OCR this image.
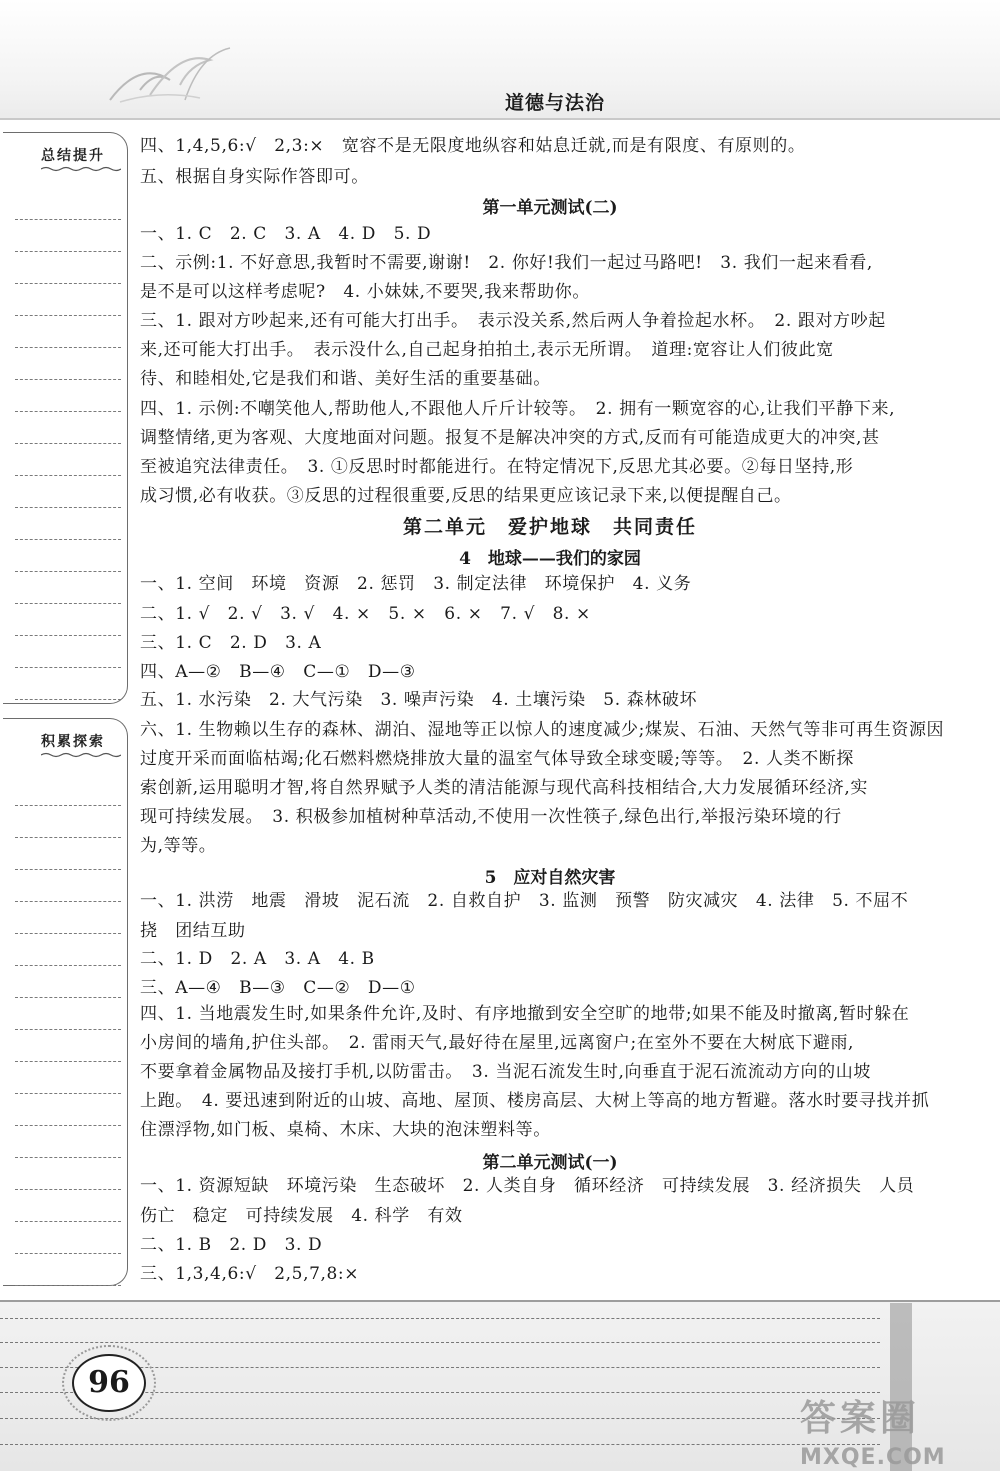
道德与法治
总结提升
积累探索
四、1,4,5,6:√　2,3:×　宽容不是无限度地纵容和姑息迁就,而是有限度、有原则的。
五、根据自身实际作答即可。
第一单元测试(二)
一、1. C　2. C　3. A　4. D　5. D
二、示例:1. 不好意思,我暂时不需要,谢谢!　2. 你好!我们一起过马路吧!　3. 我们一起来看看,
是不是可以这样考虑呢?　4. 小妹妹,不要哭,我来帮助你。
三、1. 跟对方吵起来,还有可能大打出手。　表示没关系,然后两人争着捡起水杯。　2. 跟对方吵起
来,还可能大打出手。　表示没什么,自己起身拍拍土,表示无所谓。　道理:宽容让人们彼此宽
待、和睦相处,它是我们和谐、美好生活的重要基础。
四、1. 示例:不嘲笑他人,帮助他人,不跟他人斤斤计较等。　2. 拥有一颗宽容的心,让我们平静下来,
调整情绪,更为客观、大度地面对问题。报复不是解决冲突的方式,反而有可能造成更大的冲突,甚
至被追究法律责任。　3. ①反思时时都能进行。在特定情况下,反思尤其必要。②每日坚持,形
成习惯,必有收获。③反思的过程很重要,反思的结果更应该记录下来,以便提醒自己。
第二单元　爱护地球　共同责任
4　地球——我们的家园
一、1. 空间　环境　资源　2. 惩罚　3. 制定法律　环境保护　4. 义务
二、1. √　2. √　3. √　4. ×　5. ×　6. ×　7. √　8. ×
三、1. C　2. D　3. A
四、A—②　B—④　C—①　D—③
五、1. 水污染　2. 大气污染　3. 噪声污染　4. 土壤污染　5. 森林破坏
六、1. 生物赖以生存的森林、湖泊、湿地等正以惊人的速度减少;煤炭、石油、天然气等非可再生资源因
过度开采而面临枯竭;化石燃料燃烧排放大量的温室气体导致全球变暖;等等。　2. 人类不断探
索创新,运用聪明才智,将自然界赋予人类的清洁能源与现代高科技相结合,大力发展循环经济,实
现可持续发展。　3. 积极参加植树种草活动,不使用一次性筷子,绿色出行,举报污染环境的行
为,等等。
5　应对自然灾害
一、1. 洪涝　地震　滑坡　泥石流　2. 自救自护　3. 监测　预警　防灾减灾　4. 法律　5. 不屈不
挠　团结互助
二、1. D　2. A　3. A　4. B
三、A—④　B—③　C—②　D—①
四、1. 当地震发生时,如果条件允许,及时、有序地撤到安全空旷的地带;如果不能及时撤离,暂时躲在
小房间的墙角,护住头部。　2. 雷雨天气,最好待在屋里,远离窗户;在室外不要在大树底下避雨,
不要拿着金属物品及接打手机,以防雷击。　3. 当泥石流发生时,向垂直于泥石流流动方向的山坡
上跑。　4. 要迅速到附近的山坡、高地、屋顶、楼房高层、大树上等高的地方暂避。落水时要寻找并抓
住漂浮物,如门板、桌椅、木床、大块的泡沫塑料等。
第二单元测试(一)
一、1. 资源短缺　环境污染　生态破坏　2. 人类自身　循环经济　可持续发展　3. 经济损失　人员
伤亡　稳定　可持续发展　4. 科学　有效
二、1. B　2. D　3. D
三、1,3,4,6:√　2,5,7,8:×
96
答案圈
MXQE.COM
